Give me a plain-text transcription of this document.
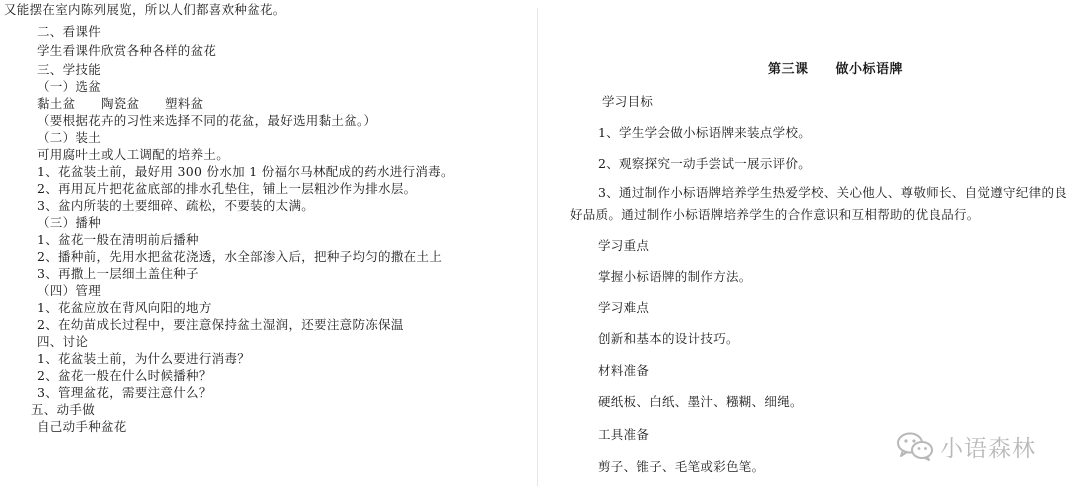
又能摆在室内陈列展览，所以人们都喜欢种盆花。
二、看课件
学生看课件欣赏各种各样的盆花
三、学技能
（一）选盆
黏土盆　　陶瓷盆　　塑料盆
（要根据花卉的习性来选择不同的花盆，最好选用黏土盆。）
（二）装土
可用腐叶土或人工调配的培养土。
1、花盆装土前，最好用 300 份水加 1 份福尔马林配成的药水进行消毒。
2、再用瓦片把花盆底部的排水孔垫住，铺上一层粗沙作为排水层。
3、盆内所装的土要细碎、疏松，不要装的太满。
（三）播种
1、盆花一般在清明前后播种
2、播种前，先用水把盆花浇透，水全部渗入后，把种子均匀的撒在土上
3、再撒上一层细土盖住种子
（四）管理
1、花盆应放在背风向阳的地方
2、在幼苗成长过程中，要注意保持盆土湿润，还要注意防冻保温
四、讨论
1、花盆装土前，为什么要进行消毒？
2、盆花一般在什么时候播种？
3、管理盆花，需要注意什么？
五、动手做
自己动手种盆花
第三课　　做小标语牌
学习目标
1、学生学会做小标语牌来装点学校。
2、观察探究一动手尝试一展示评价。
3、通过制作小标语牌培养学生热爱学校、关心他人、尊敬师长、自觉遵守纪律的良好品质。通过制作小标语牌培养学生的合作意识和互相帮助的优良品行。
学习重点
掌握小标语牌的制作方法。
学习难点
创新和基本的设计技巧。
材料准备
硬纸板、白纸、墨汁、糨糊、细绳。
工具准备
剪子、锥子、毛笔或彩色笔。
小语森林
